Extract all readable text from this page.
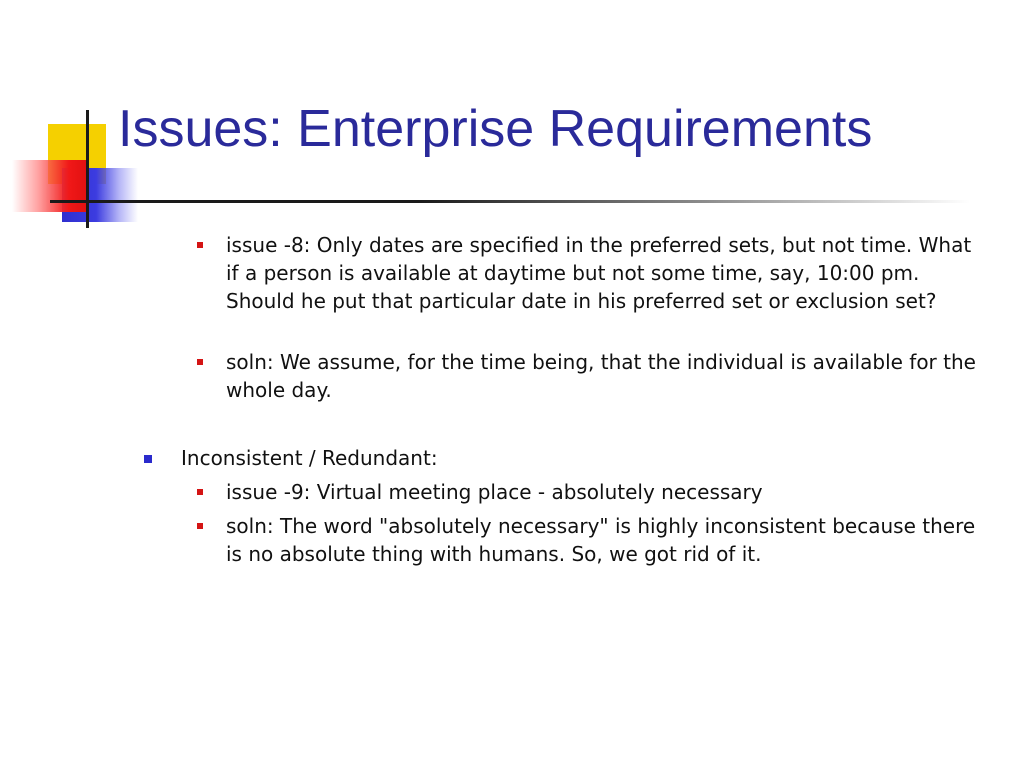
Issues: Enterprise Requirements

issue -8: Only dates are specified in the preferred sets, but not time. What if a person is available at daytime but not some time, say, 10:00 pm. Should he put that particular date in his preferred set or exclusion set?

soln: We assume, for the time being, that the individual is available for the whole day.

Inconsistent / Redundant:

issue -9: Virtual meeting place - absolutely necessary

soln: The word "absolutely necessary" is highly inconsistent because there is no absolute thing with humans. So, we got rid of it.
